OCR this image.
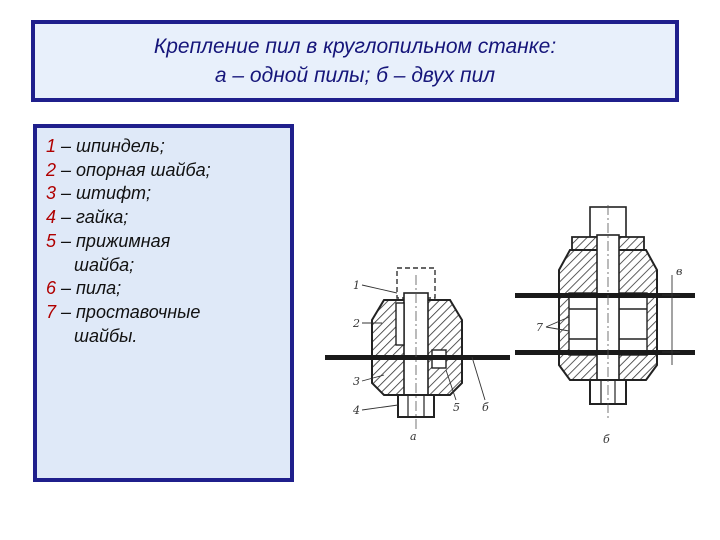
Крепление пил в круглопильном станке:
а – одной пилы; б – двух пил
1 – шпиндель;
2 – опорная шайба;
3 – штифт;
4 – гайка;
5 – прижимная
шайба;
6 – пила;
7 – проставочные
шайбы.
1
2
3
4	5 б
а
7
в
б
